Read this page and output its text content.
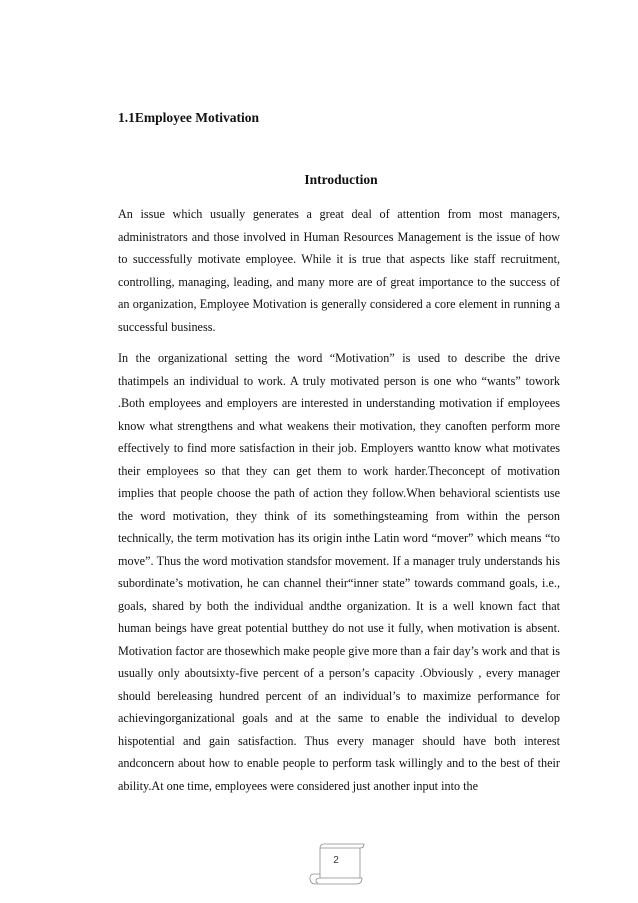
1.1Employee Motivation
Introduction

An issue which usually generates a great deal of attention from most managers, administrators and those involved in Human Resources Management is the issue of how to successfully motivate employee. While it is true that aspects like staff recruitment, controlling, managing, leading, and many more are of great importance to the success of an organization, Employee Motivation is generally considered a core element in running a successful business.

In the organizational setting the word “Motivation” is used to describe the drive thatimpels an individual to work. A truly motivated person is one who “wants” towork .Both employees and employers are interested in understanding motivation if employees know what strengthens and what weakens their motivation, they canoften perform more effectively to find more satisfaction in their job. Employers wantto know what motivates their employees so that they can get them to work harder.Theconcept of motivation implies that people choose the path of action they follow.When behavioral scientists use the word motivation, they think of its somethingsteaming from within the person technically, the term motivation has its origin inthe Latin word “mover” which means “to move”. Thus the word motivation standsfor movement. If a manager truly understands his subordinate’s motivation, he can channel their“inner state” towards command goals, i.e., goals, shared by both the individual andthe organization. It is a well known fact that human beings have great potential butthey do not use it fully, when motivation is absent. Motivation factor are thosewhich make people give more than a fair day’s work and that is usually only aboutsixty-five percent of a person’s capacity .Obviously , every manager should bereleasing hundred percent of an individual’s to maximize performance for achievingorganizational goals and at the same to enable the individual to develop hispotential and gain satisfaction. Thus every manager should have both interest andconcern about how to enable people to perform task willingly and to the best of their ability.At one time, employees were considered just another input into the

2
